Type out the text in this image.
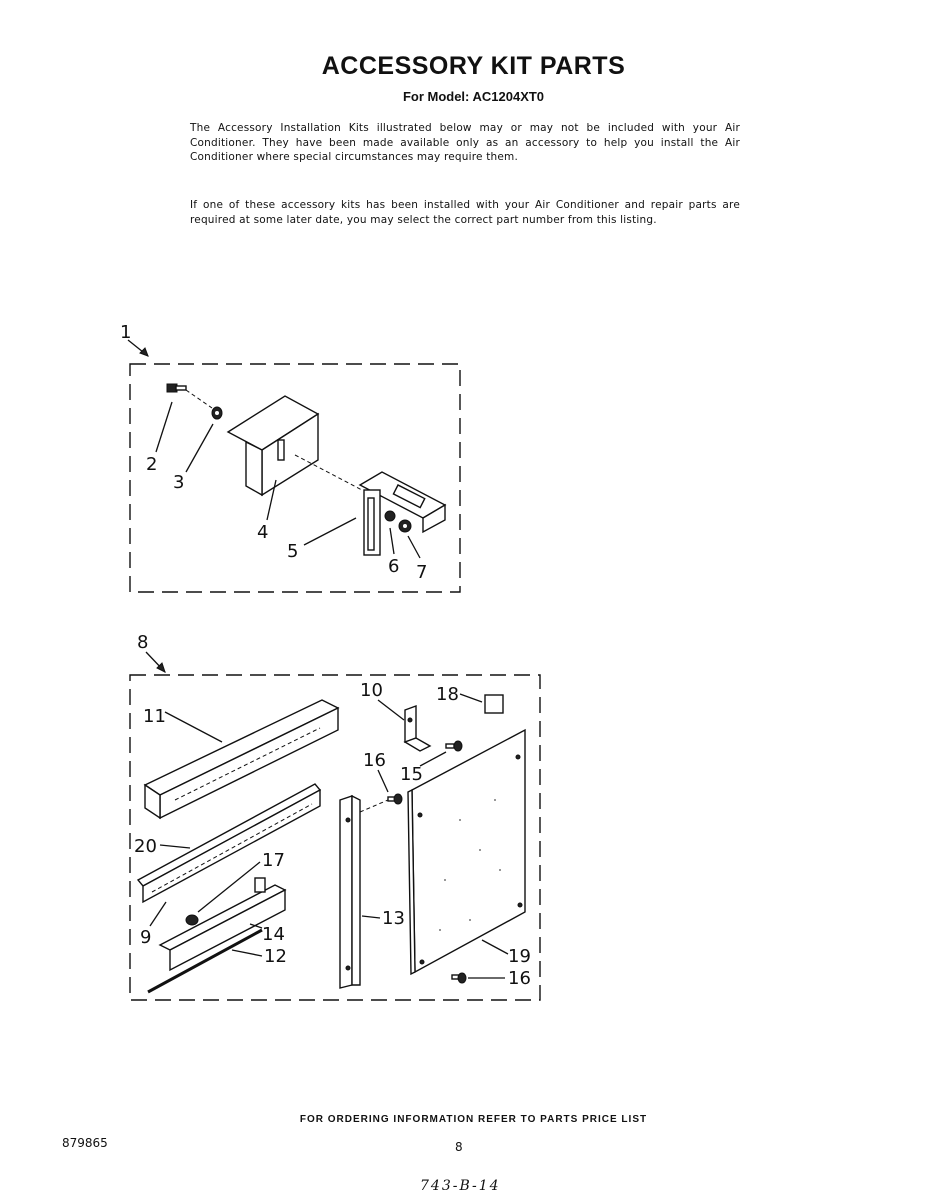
ACCESSORY KIT PARTS
For Model: AC1204XT0
The Accessory Installation Kits illustrated below may or may not be included with your Air Conditioner. They have been made available only as an accessory to help you install the Air Conditioner where special circumstances may require them.
If one of these accessory kits has been installed with your Air Conditioner and repair parts are required at some later date, you may select the correct part number from this listing.
1
2
3
4
5
6 7
8
11
10	18
16
15
20
17
9	14
12
13
19
16
FOR ORDERING INFORMATION REFER TO PARTS PRICE LIST
879865	8
743-B-14
